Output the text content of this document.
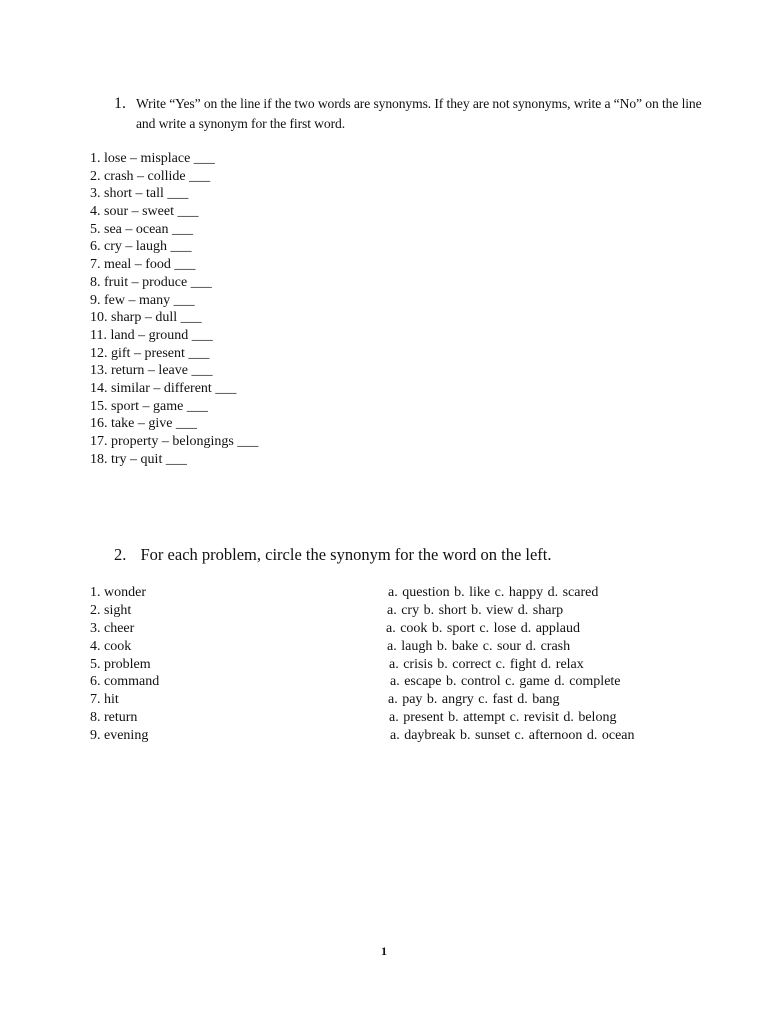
1. Write “Yes” on the line if the two words are synonyms. If they are not synonyms, write a “No” on the line and write a synonym for the first word.
1. lose – misplace ___
2. crash – collide ___
3. short – tall ___
4. sour – sweet ___
5. sea – ocean ___
6. cry – laugh ___
7. meal – food ___
8. fruit – produce ___
9. few – many ___
10. sharp – dull ___
11. land – ground ___
12. gift – present ___
13. return – leave ___
14. similar – different ___
15. sport – game ___
16. take – give ___
17. property – belongings ___
18. try – quit ___
2. For each problem, circle the synonym for the word on the left.
1. wonder	a. question b. like c. happy d. scared
2. sight	a. cry b. short b. view d. sharp
3. cheer	a. cook b. sport c. lose d. applaud
4. cook	a. laugh b. bake c. sour d. crash
5. problem	a. crisis b. correct c. fight d. relax
6. command	a. escape b. control c. game d. complete
7. hit	a. pay b. angry c. fast d. bang
8. return	a. present b. attempt c. revisit d. belong
9. evening	a. daybreak b. sunset c. afternoon d. ocean
1
